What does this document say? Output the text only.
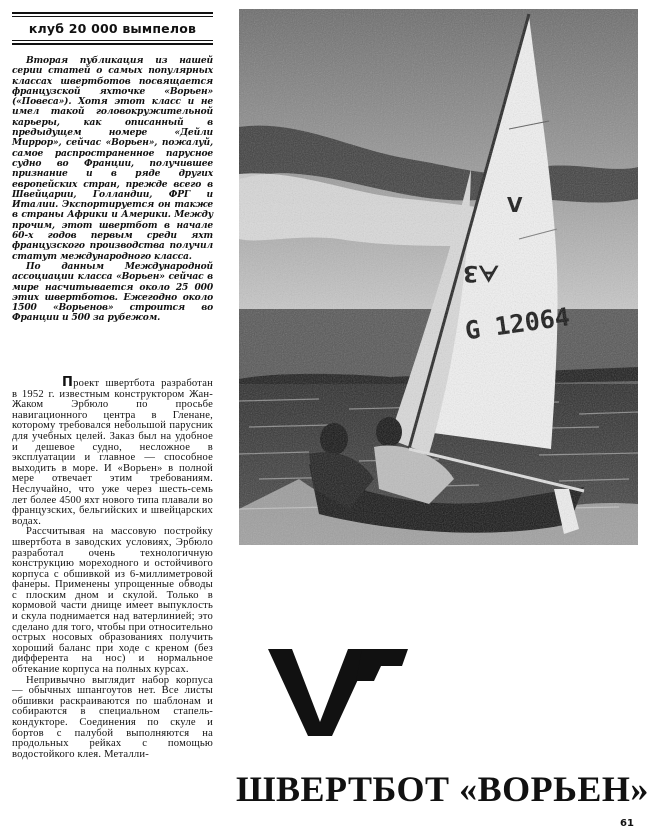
клуб 20 000 вымпелов

Вторая публикация из нашей серии статей о самых популярных классах швертботов посвящается французской яхточке «Ворьен» («Повеса»). Хотя этот класс и не имел такой головокружительной карьеры, как описанный в предыдущем номере «Дейли Миррор», сейчас «Ворьен», пожалуй, самое распространенное парусное судно во Франции, получившее признание и в ряде других европейских стран, прежде всего в Швейцарии, Голландии, ФРГ и Италии. Экспортируется он также в страны Африки и Америки. Между прочим, этот швертбот в начале 60-х годов первым среди яхт французского производства получил статут международного класса.

По данным Международной ассоциации класса «Ворьен» сейчас в мире насчитывается около 25 000 этих швертботов. Ежегодно около 1500 «Ворьенов» строится во Франции и 500 за рубежом.

Проект швертбота разработан в 1952 г. известным конструктором Жан-Жаком Эрбюло по просьбе навигационного центра в Гленане, которому требовался небольшой парусник для учебных целей. Заказ был на удобное и дешевое судно, несложное в эксплуатации и главное — способное выходить в море. И «Ворьен» в полной мере отвечает этим требованиям. Неслучайно, что уже через шесть-семь лет более 4500 яхт нового типа плавали во французских, бельгийских и швейцарских водах.

Рассчитывая на массовую постройку швертбота в заводских условиях, Эрбюло разработал очень технологичную конструкцию мореходного и остойчивого корпуса с обшивкой из 6-миллиметровой фанеры. Применены упрощенные обводы с плоским дном и скулой. Только в кормовой части днище имеет выпуклость и скула поднимается над ватерлинией; это сделано для того, чтобы при относительно острых носовых образованиях получить хороший баланс при ходе с креном (без дифферента на нос) и нормальное обтекание корпуса на полных курсах.

Непривычно выглядит набор корпуса — обычных шпангоутов нет. Все листы обшивки раскраиваются по шаблонам и собираются в специальном стапель-кондукторе. Соединения по скуле и бортов с палубой выполняются на продольных рейках с помощью водостойкого клея. Металли-

ШВЕРТБОТ «ВОРЬЕН»
61
